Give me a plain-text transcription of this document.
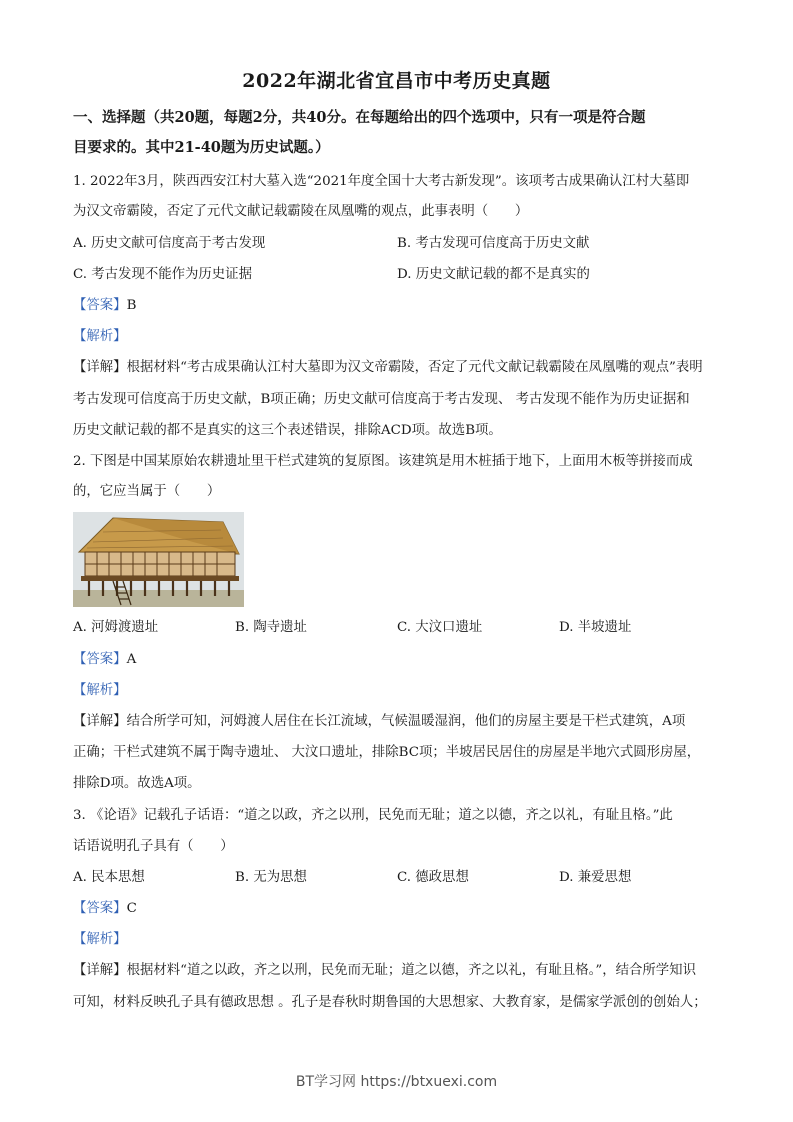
2022年湖北省宜昌市中考历史真题
一、选择题（共20题，每题2分，共40分。在每题给出的四个选项中，只有一项是符合题
目要求的。其中21-40题为历史试题。）
1. 2022年3月，陕西西安江村大墓入选“2021年度全国十大考古新发现”。该项考古成果确认江村大墓即
为汉文帝霸陵，否定了元代文献记载霸陵在凤凰嘴的观点，此事表明（　　）
A. 历史文献可信度高于考古发现	B. 考古发现可信度高于历史文献
C. 考古发现不能作为历史证据	D. 历史文献记载的都不是真实的
【答案】B
【解析】
【详解】根据材料“考古成果确认江村大墓即为汉文帝霸陵，否定了元代文献记载霸陵在凤凰嘴的观点”表明
考古发现可信度高于历史文献，B项正确；历史文献可信度高于考古发现、 考古发现不能作为历史证据和
历史文献记载的都不是真实的这三个表述错误，排除ACD项。故选B项。
2. 下图是中国某原始农耕遗址里干栏式建筑的复原图。该建筑是用木桩插于地下，上面用木板等拼接而成
的，它应当属于（　　）
A. 河姆渡遗址	B. 陶寺遗址	C. 大汶口遗址	D. 半坡遗址
【答案】A
【解析】
【详解】结合所学可知，河姆渡人居住在长江流域，气候温暖湿润，他们的房屋主要是干栏式建筑，A项
正确；干栏式建筑不属于陶寺遗址、 大汶口遗址，排除BC项；半坡居民居住的房屋是半地穴式圆形房屋，
排除D项。故选A项。
3. 《论语》记载孔子话语：“道之以政，齐之以刑，民免而无耻；道之以德，齐之以礼，有耻且格。”此
话语说明孔子具有（　　）
A. 民本思想	B. 无为思想	C. 德政思想	D. 兼爱思想
【答案】C
【解析】
【详解】根据材料“道之以政，齐之以刑，民免而无耻；道之以德，齐之以礼，有耻且格。”，结合所学知识
可知，材料反映孔子具有德政思想 。孔子是春秋时期鲁国的大思想家、大教育家，是儒家学派创的创始人；
BT学习网 https://btxuexi.com
